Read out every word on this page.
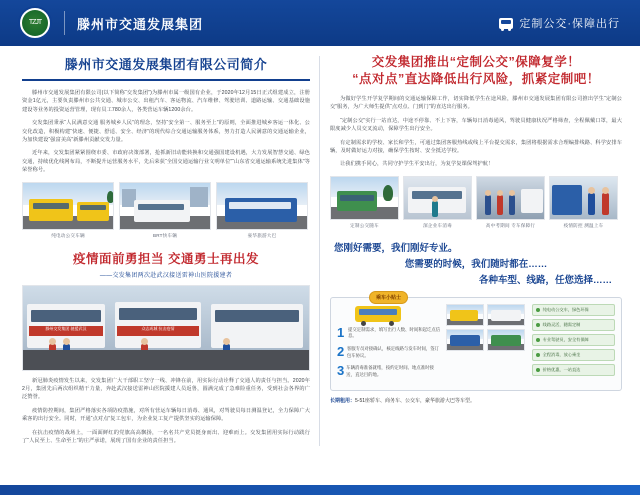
TZJT	滕州市交通发展集团	定制公交·保障出行
滕州市交通发展集团有限公司简介

滕州市交通发展集团有限公司(以下简称“交发集团”)为滕州市属一级国有企业，于2020年12月15日正式组建成立，注册资金1亿元，主要负责滕州市公共交通、城市公交、出租汽车、客运物流、汽车维修、驾驶培训、道路运输、交通基础设施建设等业务的投资运营管理，现有员工780余人，各类营运车辆1200余台。

交发集团秉承“人民满意交通 服务城乡人民”的理念，坚持“安全第一、服务至上”的原则，全面推进城乡客运一体化、公交化改造，积极构建“快速、便捷、舒适、安全、经济”的现代综合交通运输服务体系，努力打造人民满意的交通运输企业，为加快建设“强富美高”新滕州贡献交发力量。

近年来，交发集团紧紧围绕市委、市政府决策部署，抢抓新旧动能转换和交通强国建设机遇，大力发展智慧交通、绿色交通，持续优化线网布局，不断提升运营服务水平，先后荣获“全国交通运输行业文明单位”“山东省交通运输系统先进集体”等荣誉称号。

纯电动公交车辆	BRT快车辆	豪华旅游大巴
疫情面前勇担当 交通勇士再出发
——交发集团两次赴武汉接送雷神山医院援建者
滕州交发集团 驰援武汉	众志成城 抗击疫情

新冠肺炎疫情发生以来，交发集团广大干部职工坚守一线、冲锋在前，用实际行动诠释了交通人的责任与担当。2020年2月，集团先后两次组织精干力量，奔赴武汉接送雷神山医院援建人员返鲁，圆满完成了急难险重任务，受到社会各界的广泛赞誉。

疫情防控期间，集团严格落实各项防疫措施，对所有营运车辆每日消毒、通风，对驾驶员每日测温登记，全力保障广大乘客的出行安全。同时，开通“点对点”复工包车，为企业复工复产提供坚实的运输保障。

在抗击疫情的战场上，一面面鲜红的党旗高高飘扬，一名名共产党员挺身而出、迎难而上。交发集团用实际行动践行了“人民至上、生命至上”的庄严承诺，展现了国有企业的责任担当。

交发集团推出“定制公交”保障复学！
“点对点”直达降低出行风险，抓紧定制吧！

为做好学生开学复学期间的交通运输保障工作，切实降低学生在途风险，滕州市交通发展集团有限公司推出学生“定制公交”服务，为广大师生提供“点对点、门到门”的直达出行服务。

“定制公交”实行一站直达，中途不停靠、不上下客，车辆每日消毒通风，驾驶员健康状况严格筛查，全程佩戴口罩，最大限度减少人员交叉流动，保障学生出行安全。

有定制需求的学校、家长和学生，可通过集团客服热线或线上平台提交需求，集团将根据需求合理编排线路、科学安排车辆，及时做好运力对接，确保学生按时、安全抵达学校。

让我们携手同心，共同守护学生平安出行，为复学复课保驾护航！

定制公交随车	深企业车消毒	高中考期间 专车保障行	疫情防控 测温上车
您刚好需要，我们刚好专业。
您需要的时候，我们随时都在……
各种车型、线路，任您选择……
乘车小贴士
1 提交定制需求，填写出行人数、时间和起讫点信息。
2 客服专员对接确认，核定线路与发车时间，签订包车协议。
3 车辆消毒准备就绪，按约定时间、地点准时接送，直达目的地。
纯电动公交车，绿色环保
线路灵活，随需定制
专业驾驶员，安全有保障
全程消毒，放心乘坐
价格优惠，一站直达
长期租用：5-51座轿车、商务车、公交车，豪华旅游大巴等车型。
